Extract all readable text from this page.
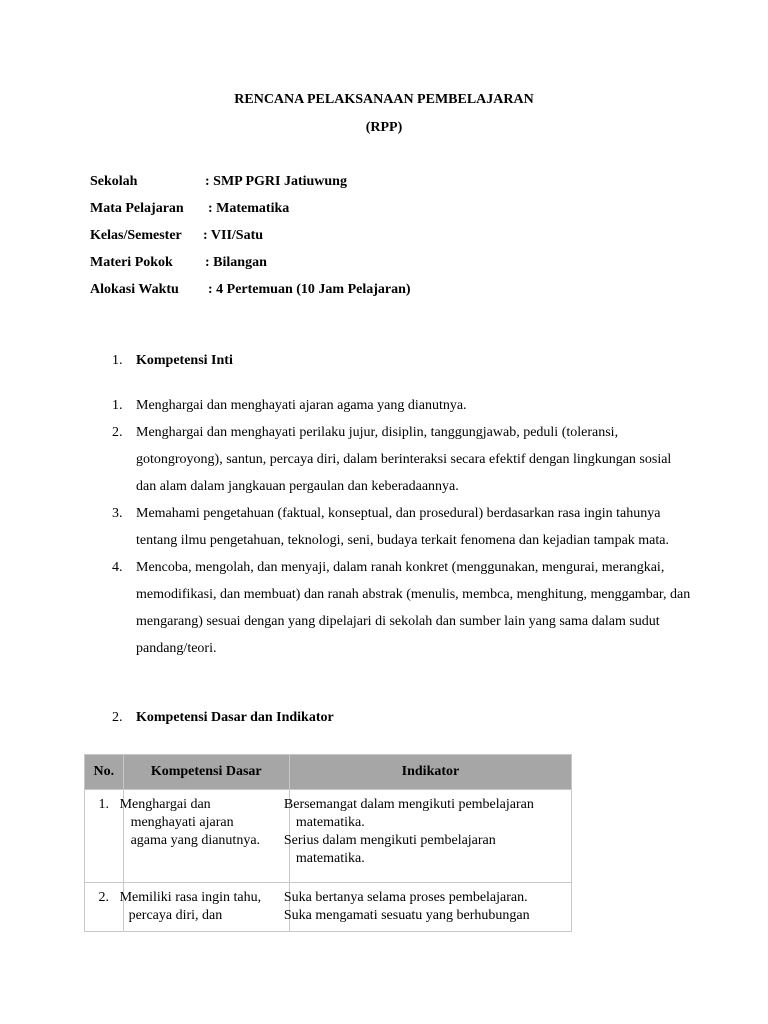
RENCANA PELAKSANAAN PEMBELAJARAN
(RPP)
Sekolah	: SMP PGRI Jatiuwung
Mata Pelajaran : Matematika
Kelas/Semester : VII/Satu
Materi Pokok : Bilangan
Alokasi Waktu : 4 Pertemuan (10 Jam Pelajaran)
1. Kompetensi Inti
1. Menghargai dan menghayati ajaran agama yang dianutnya.
2. Menghargai dan menghayati perilaku jujur, disiplin, tanggungjawab, peduli (toleransi, gotongroyong), santun, percaya diri, dalam berinteraksi secara efektif dengan lingkungan sosial dan alam dalam jangkauan pergaulan dan keberadaannya.
3. Memahami pengetahuan (faktual, konseptual, dan prosedural) berdasarkan rasa ingin tahunya tentang ilmu pengetahuan, teknologi, seni, budaya terkait fenomena dan kejadian tampak mata.
4. Mencoba, mengolah, dan menyaji, dalam ranah konkret (menggunakan, mengurai, merangkai, memodifikasi, dan membuat) dan ranah abstrak (menulis, membca, menghitung, menggambar, dan mengarang) sesuai dengan yang dipelajari di sekolah dan sumber lain yang sama dalam sudut pandang/teori.
2. Kompetensi Dasar dan Indikator
No.	Kompetensi Dasar	Indikator

1.	Menghargai dan
menghayati ajaran
agama yang dianutnya.	Bersemangat dalam mengikuti pembelajaran
matematika.
Serius dalam mengikuti pembelajaran
matematika.

2.	Memiliki rasa ingin tahu,
percaya diri, dan	Suka bertanya selama proses pembelajaran.
Suka mengamati sesuatu yang berhubungan
